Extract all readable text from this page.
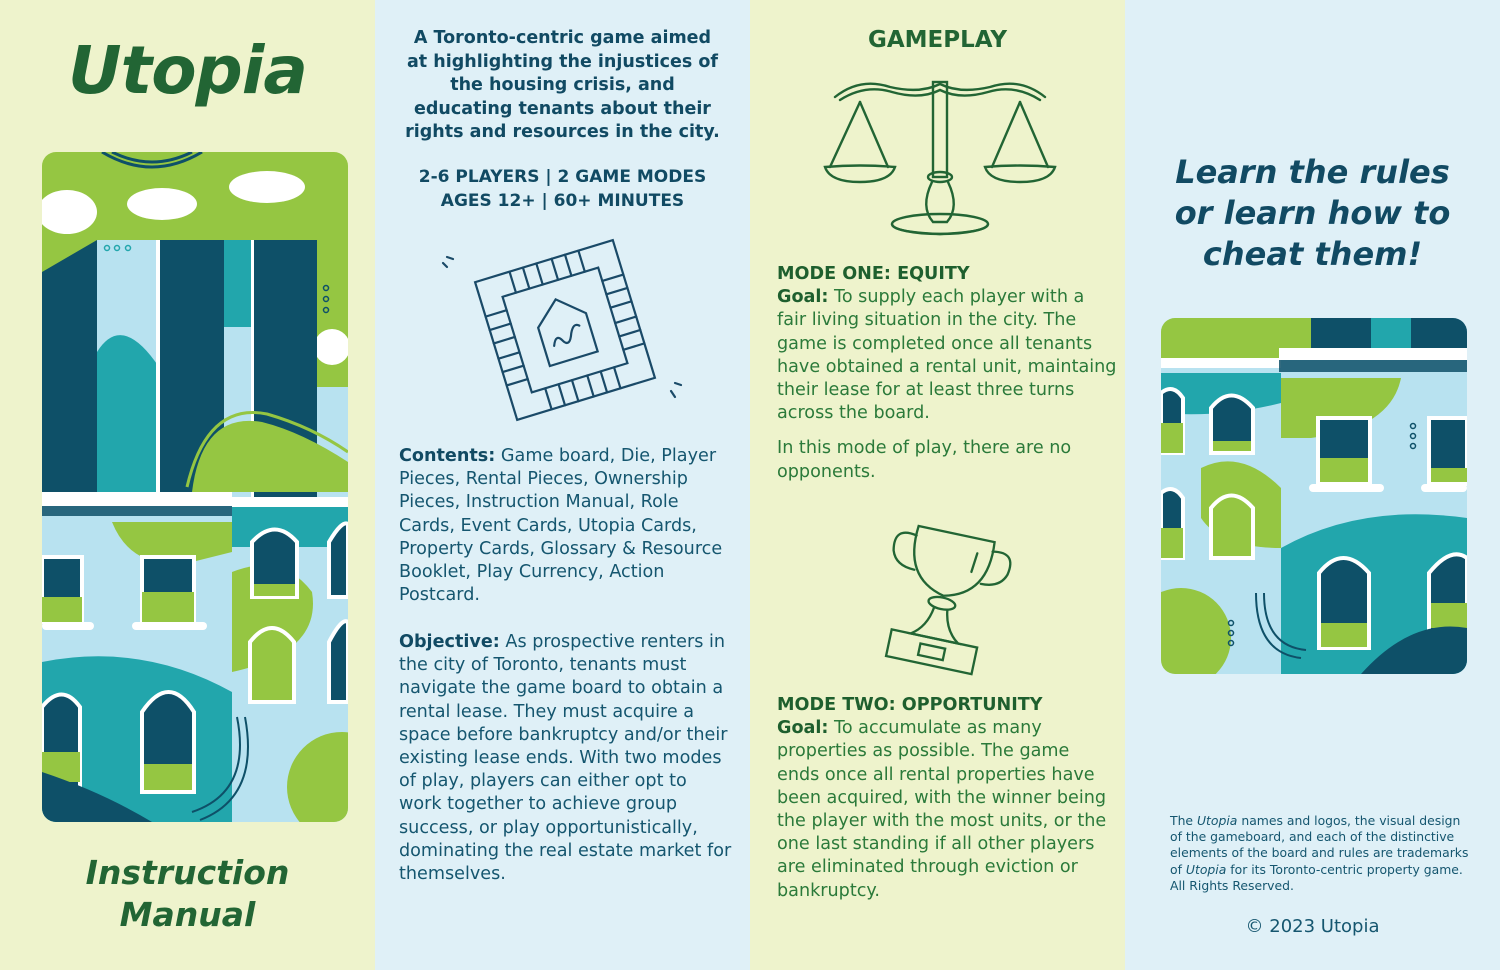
Utopia
Instruction
Manual

A Toronto-centric game aimed at highlighting the injustices of the housing crisis, and educating tenants about their rights and resources in the city.

2-6 PLAYERS | 2 GAME MODES
AGES 12+ | 60+ MINUTES

Contents: Game board, Die, Player Pieces, Rental Pieces, Ownership Pieces, Instruction Manual, Role Cards, Event Cards, Utopia Cards, Property Cards, Glossary & Resource Booklet, Play Currency, Action Postcard.

Objective: As prospective renters in the city of Toronto, tenants must navigate the game board to obtain a rental lease. They must acquire a space before bankruptcy and/or their existing lease ends. With two modes of play, players can either opt to work together to achieve group success, or play opportunistically, dominating the real estate market for themselves.

GAMEPLAY

MODE ONE: EQUITY
Goal: To supply each player with a fair living situation in the city. The game is completed once all tenants have obtained a rental unit, maintaing their lease for at least three turns across the board.

In this mode of play, there are no opponents.

MODE TWO: OPPORTUNITY
Goal: To accumulate as many properties as possible. The game ends once all rental properties have been acquired, with the winner being the player with the most units, or the one last standing if all other players are eliminated through eviction or bankruptcy.

Learn the rules
or learn how to
cheat them!

The Utopia names and logos, the visual design of the gameboard, and each of the distinctive elements of the board and rules are trademarks of Utopia for its Toronto-centric property game. All Rights Reserved.

© 2023 Utopia
